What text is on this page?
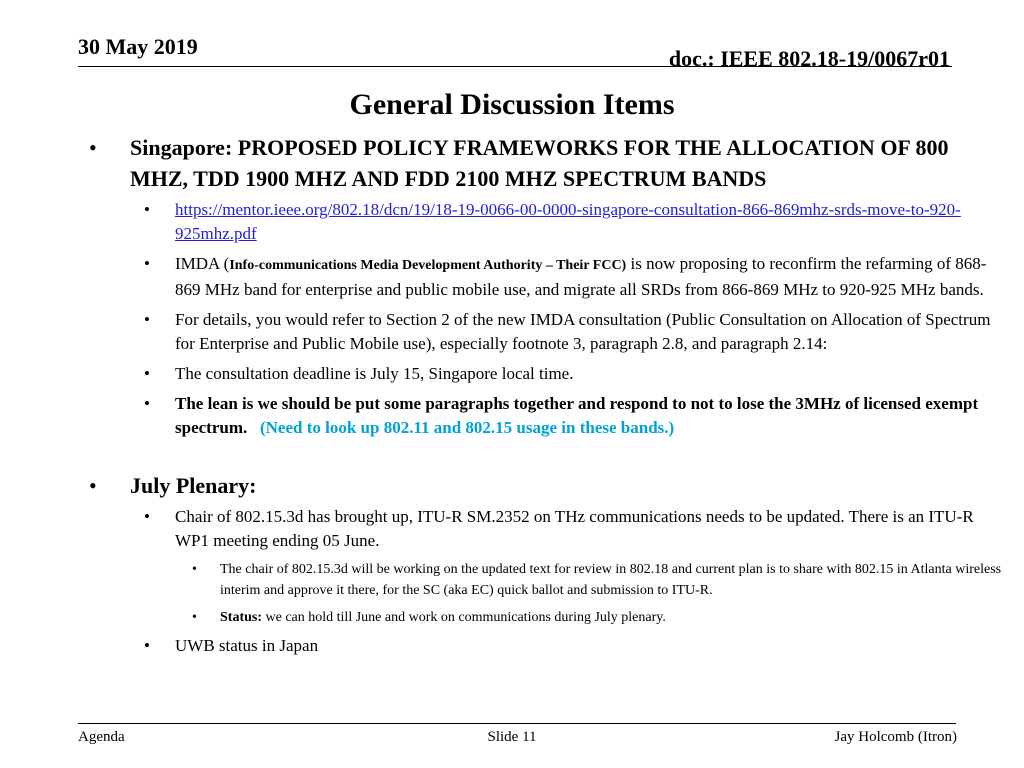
30 May 2019	doc.: IEEE 802.18-19/0067r01
General Discussion Items
• Singapore: PROPOSED POLICY FRAMEWORKS FOR THE ALLOCATION OF 800 MHZ, TDD 1900 MHZ AND FDD 2100 MHZ SPECTRUM BANDS
• https://mentor.ieee.org/802.18/dcn/19/18-19-0066-00-0000-singapore-consultation-866-869mhz-srds-move-to-920-925mhz.pdf
• IMDA (Info-communications Media Development Authority – Their FCC) is now proposing to reconfirm the refarming of 868-869 MHz band for enterprise and public mobile use, and migrate all SRDs from 866-869 MHz to 920-925 MHz bands.
• For details, you would refer to Section 2 of the new IMDA consultation (Public Consultation on Allocation of Spectrum for Enterprise and Public Mobile use), especially footnote 3, paragraph 2.8, and paragraph 2.14:
• The consultation deadline is July 15, Singapore local time.
• The lean is we should be put some paragraphs together and respond to not to lose the 3MHz of licensed exempt spectrum. (Need to look up 802.11 and 802.15 usage in these bands.)
• July Plenary:
• Chair of 802.15.3d has brought up, ITU-R SM.2352 on THz communications needs to be updated. There is an ITU-R WP1 meeting ending 05 June.
• The chair of 802.15.3d will be working on the updated text for review in 802.18 and current plan is to share with 802.15 in Atlanta wireless interim and approve it there, for the SC (aka EC) quick ballot and submission to ITU-R.
• Status: we can hold till June and work on communications during July plenary.
• UWB status in Japan
Agenda	Slide 11	Jay Holcomb (Itron)
